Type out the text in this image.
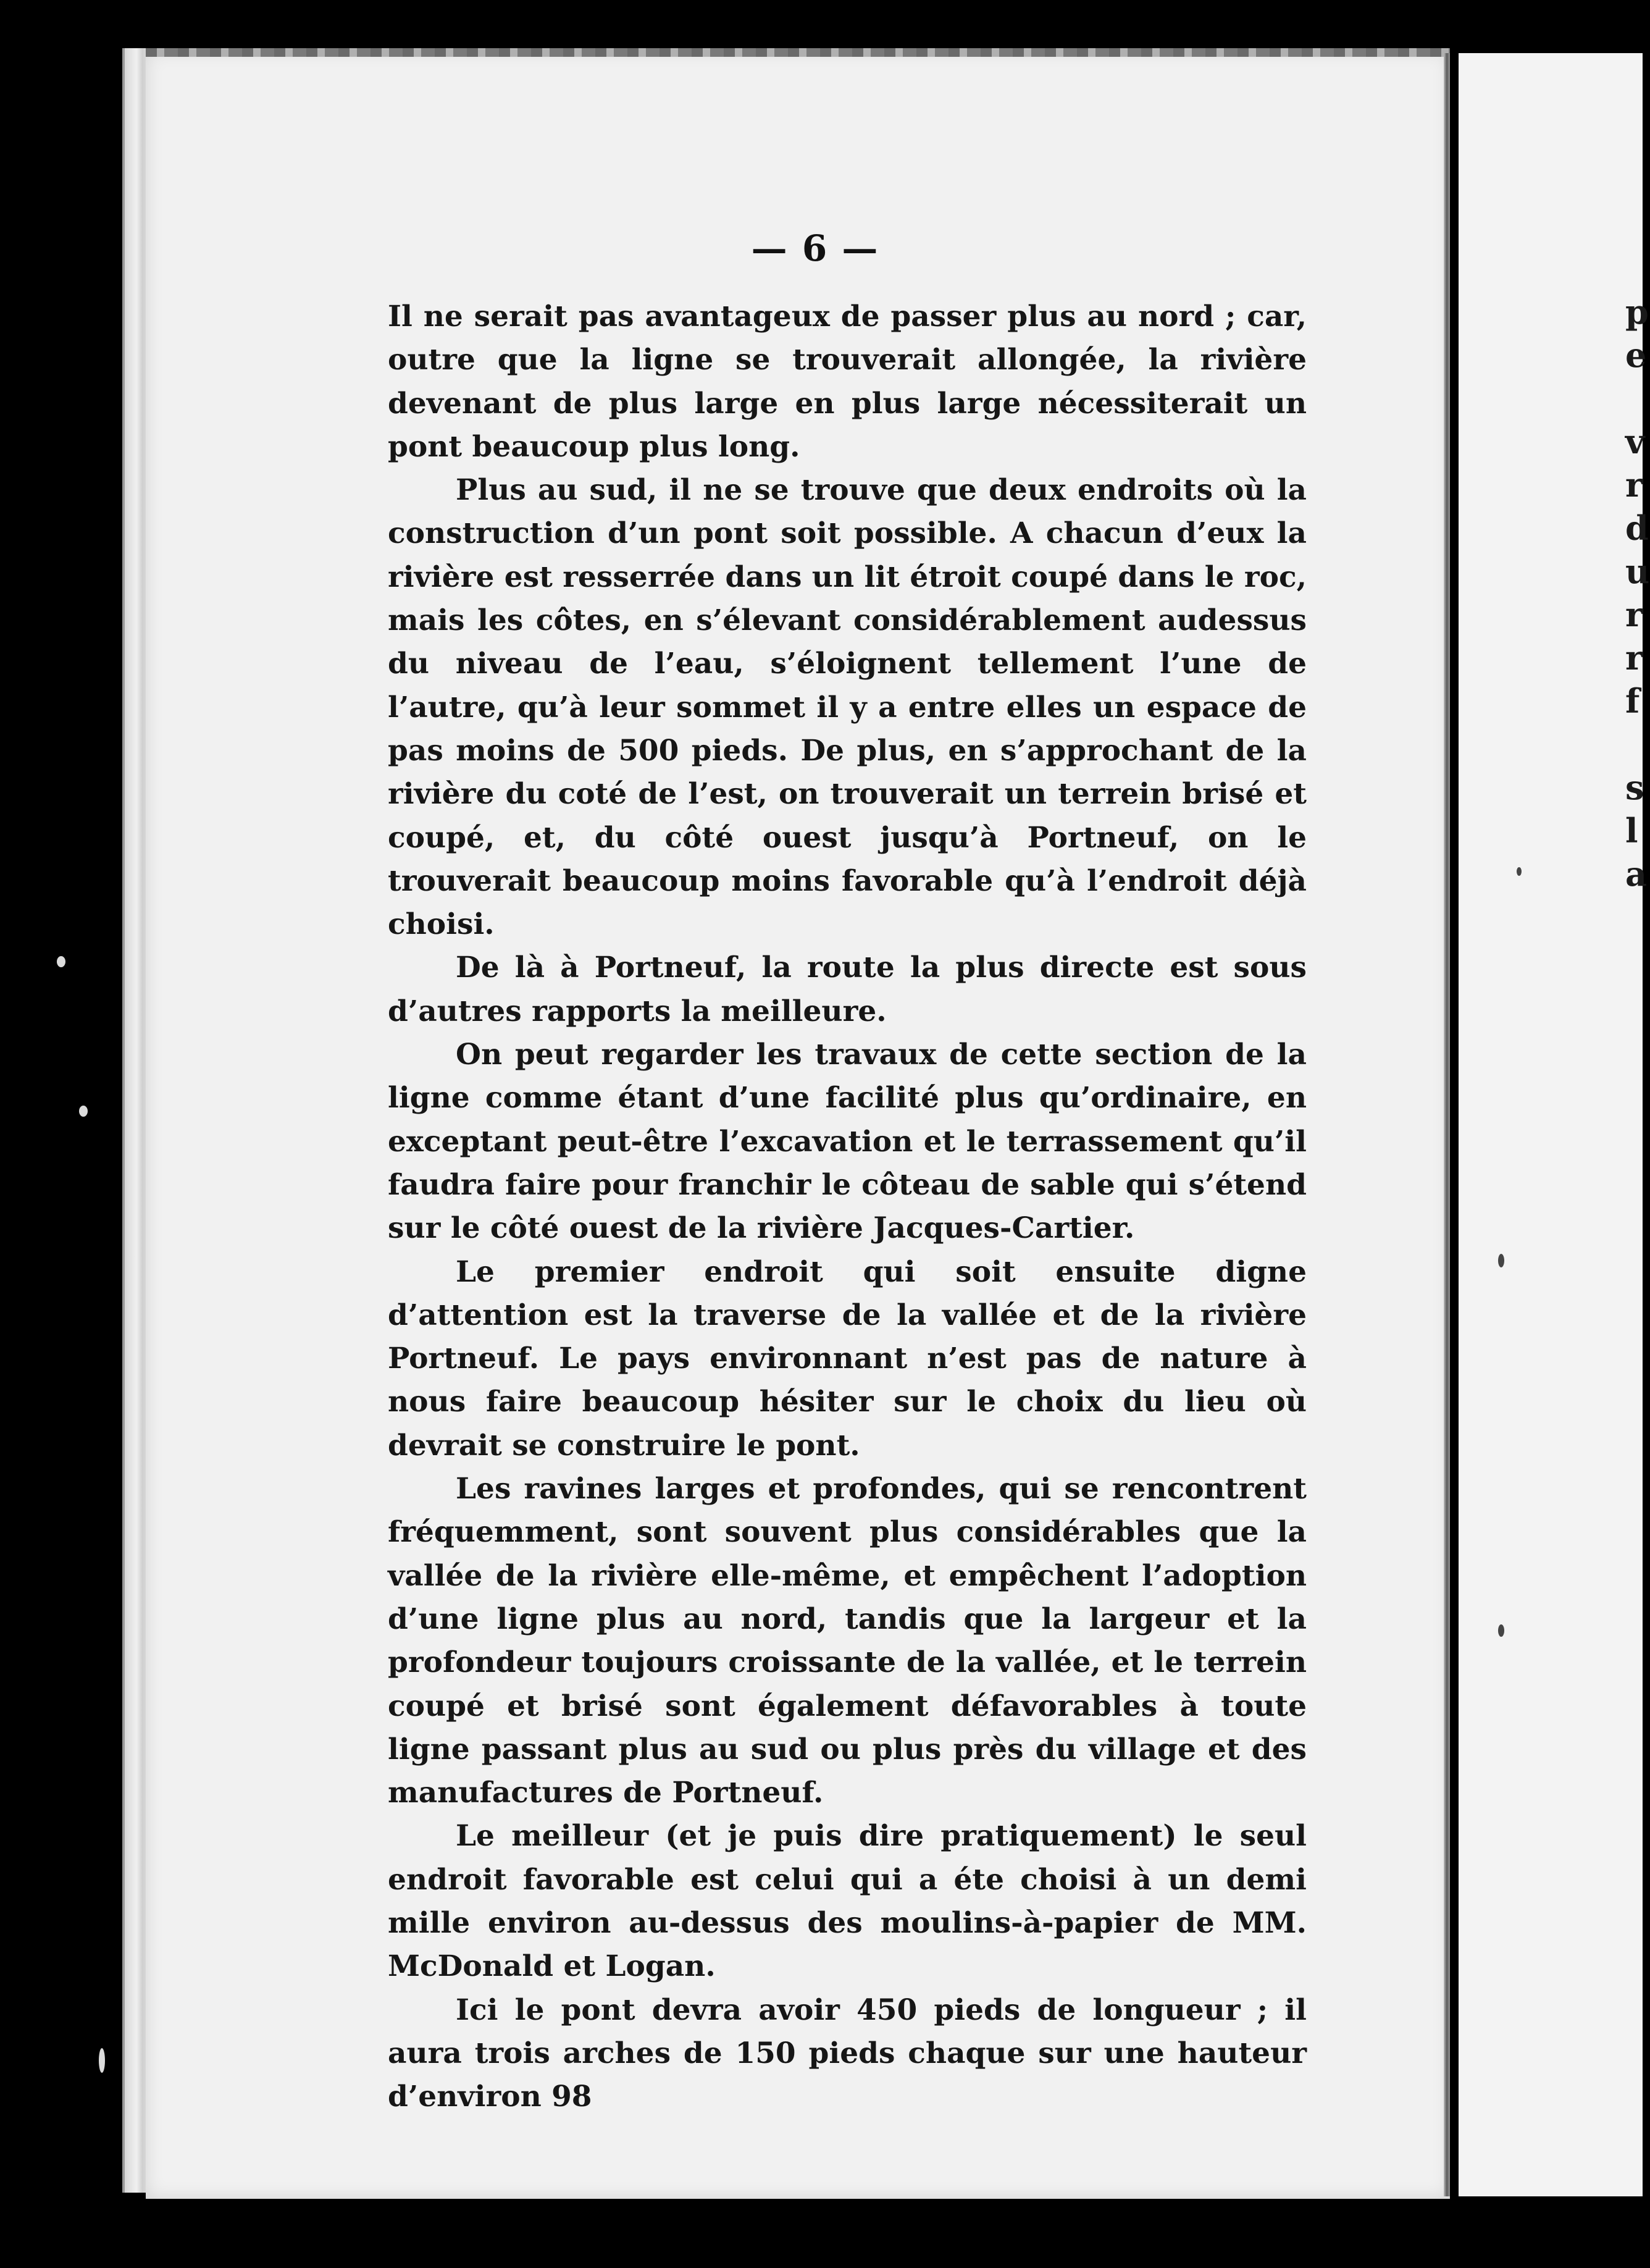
p
e
v
r
d
u
r
r
f
s
l
a
— 6 —

Il ne serait pas avantageux de passer plus au nord ; car, outre que la ligne se trouverait allongée, la rivière devenant de plus large en plus large nécessiterait un pont beaucoup plus long.

Plus au sud, il ne se trouve que deux endroits où la construction d’un pont soit possible. A chacun d’eux la rivière est resserrée dans un lit étroit coupé dans le roc, mais les côtes, en s’élevant considérablement audessus du niveau de l’eau, s’éloignent tellement l’une de l’autre, qu’à leur sommet il y a entre elles un espace de pas moins de 500 pieds. De plus, en s’approchant de la rivière du coté de l’est, on trouverait un terrein brisé et coupé, et, du côté ouest jusqu’à Portneuf, on le trouverait beaucoup moins favorable qu’à l’endroit déjà choisi.

De là à Portneuf, la route la plus directe est sous d’autres rapports la meilleure.

On peut regarder les travaux de cette section de la ligne comme étant d’une facilité plus qu’ordinaire, en exceptant peut-être l’excavation et le terrassement qu’il faudra faire pour franchir le côteau de sable qui s’étend sur le côté ouest de la rivière Jacques-Cartier.

Le premier endroit qui soit ensuite digne d’attention est la traverse de la vallée et de la rivière Portneuf. Le pays environnant n’est pas de nature à nous faire beaucoup hésiter sur le choix du lieu où devrait se construire le pont.

Les ravines larges et profondes, qui se rencontrent fréquemment, sont souvent plus considérables que la vallée de la rivière elle-même, et empêchent l’adoption d’une ligne plus au nord, tandis que la largeur et la profondeur toujours croissante de la vallée, et le terrein coupé et brisé sont également défavorables à toute ligne passant plus au sud ou plus près du village et des manufactures de Portneuf.

Le meilleur (et je puis dire pratiquement) le seul endroit favorable est celui qui a éte choisi à un demi mille environ au-dessus des moulins-à-papier de MM. McDonald et Logan.

Ici le pont devra avoir 450 pieds de longueur ; il aura trois arches de 150 pieds chaque sur une hauteur d’environ 98
